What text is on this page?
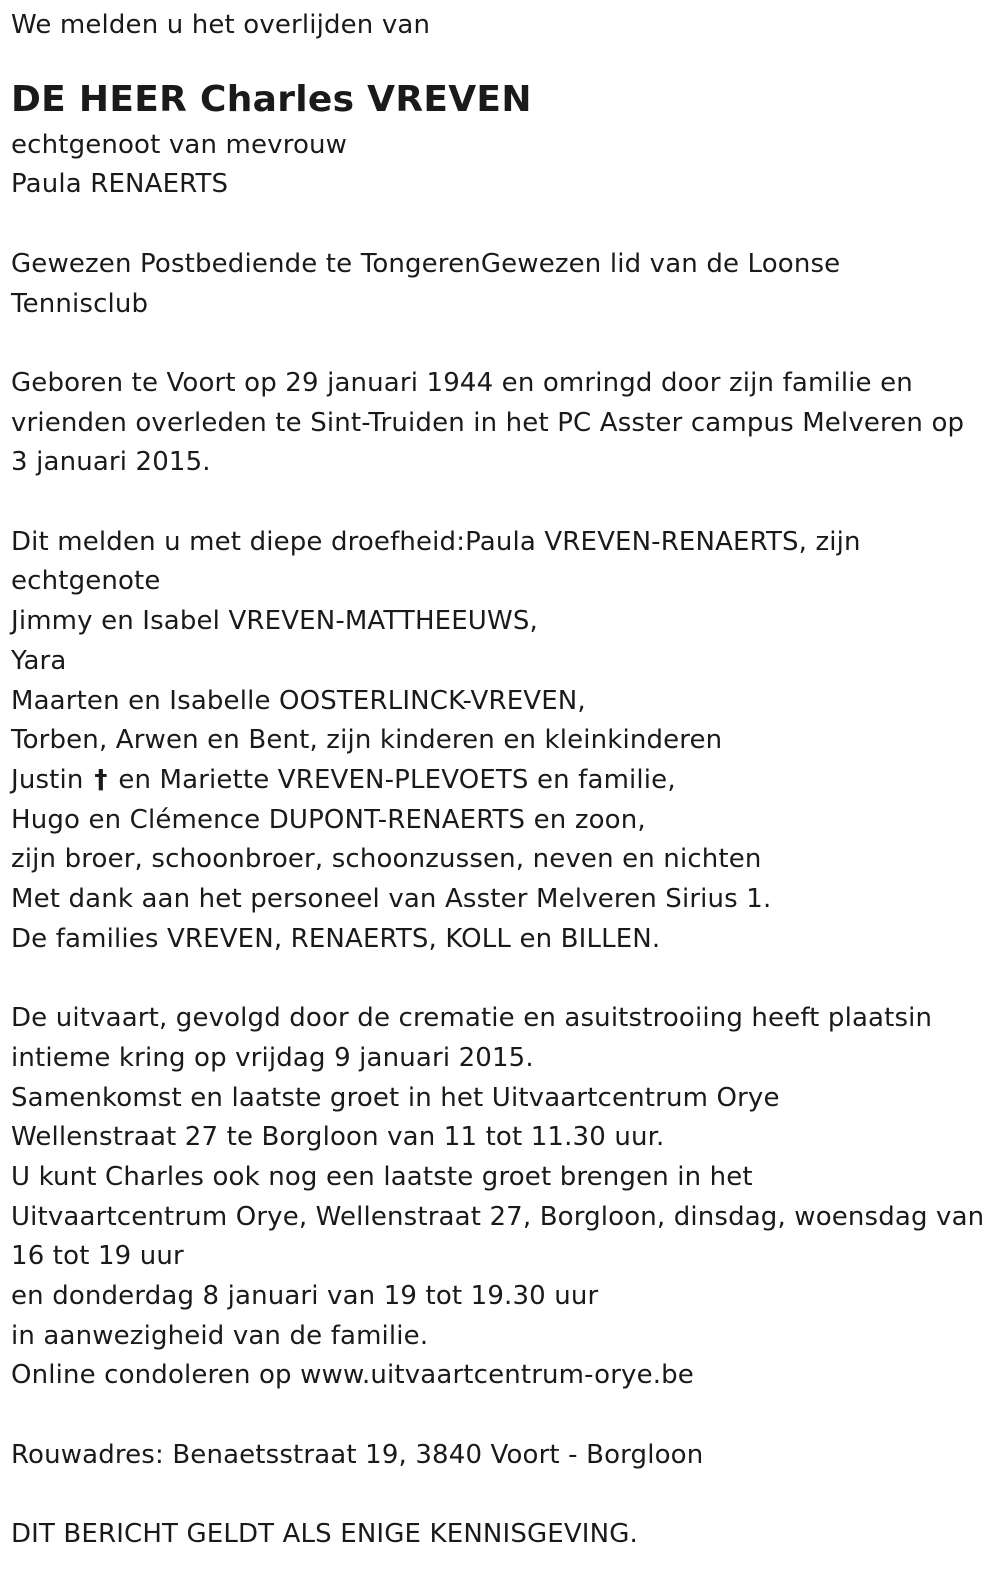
We melden u het overlijden van
DE HEER Charles VREVEN
echtgenoot van mevrouw
Paula RENAERTS
Gewezen Postbediende te TongerenGewezen lid van de Loonse
Tennisclub
Geboren te Voort op 29 januari 1944 en omringd door zijn familie en
vrienden overleden te Sint-Truiden in het PC Asster campus Melveren op
3 januari 2015.
Dit melden u met diepe droefheid:Paula VREVEN-RENAERTS, zijn
echtgenote
Jimmy en Isabel VREVEN-MATTHEEUWS,
Yara
Maarten en Isabelle OOSTERLINCK-VREVEN,
Torben, Arwen en Bent, zijn kinderen en kleinkinderen
Justin † en Mariette VREVEN-PLEVOETS en familie,
Hugo en Clémence DUPONT-RENAERTS en zoon,
zijn broer, schoonbroer, schoonzussen, neven en nichten
Met dank aan het personeel van Asster Melveren Sirius 1.
De families VREVEN, RENAERTS, KOLL en BILLEN.
De uitvaart, gevolgd door de crematie en asuitstrooiing heeft plaatsin
intieme kring op vrijdag 9 januari 2015.
Samenkomst en laatste groet in het Uitvaartcentrum Orye
Wellenstraat 27 te Borgloon van 11 tot 11.30 uur.
U kunt Charles ook nog een laatste groet brengen in het
Uitvaartcentrum Orye, Wellenstraat 27, Borgloon, dinsdag, woensdag van
16 tot 19 uur
en donderdag 8 januari van 19 tot 19.30 uur
in aanwezigheid van de familie.
Online condoleren op www.uitvaartcentrum-orye.be
Rouwadres: Benaetsstraat 19, 3840 Voort - Borgloon
DIT BERICHT GELDT ALS ENIGE KENNISGEVING.
